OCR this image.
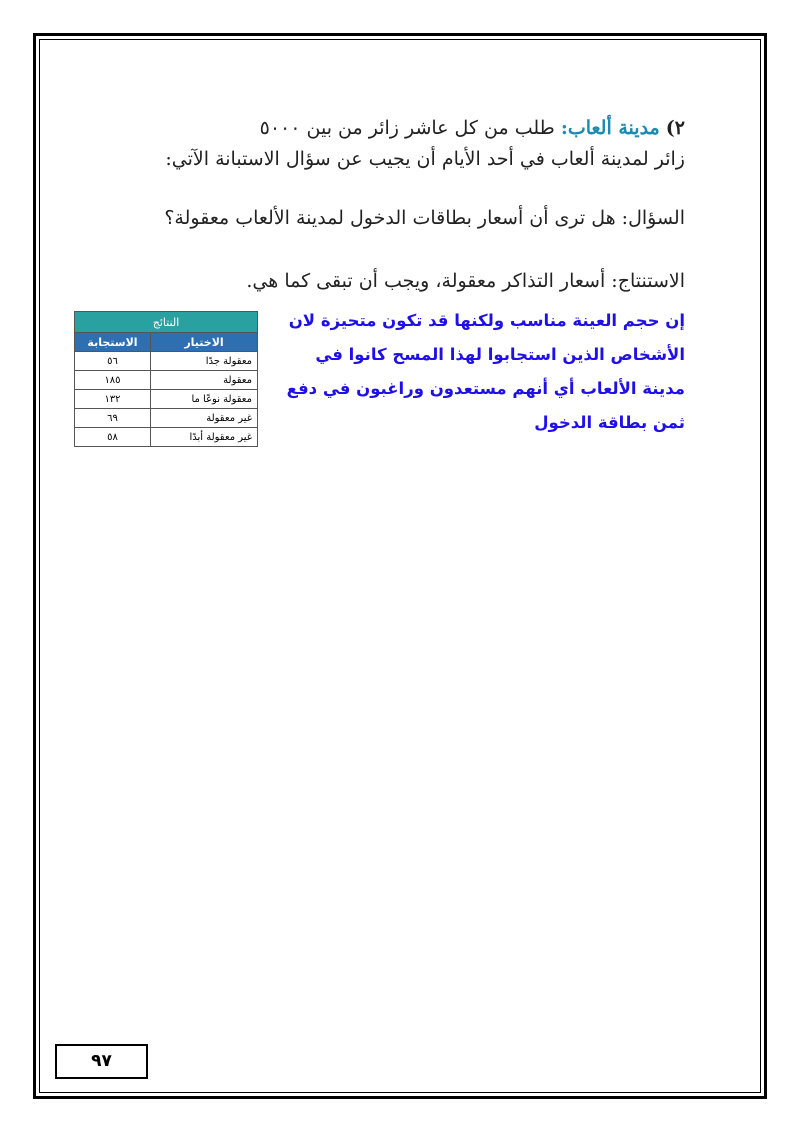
٢) مدينة ألعاب: طلب من كل عاشر زائر من بين ٥٠٠٠
زائر لمدينة ألعاب في أحد الأيام أن يجيب عن سؤال الاستبانة الآتي:
السؤال: هل ترى أن أسعار بطاقات الدخول لمدينة الألعاب معقولة؟
الاستنتاج: أسعار التذاكر معقولة، ويجب أن تبقى كما هي.
إن حجم العينة مناسب ولكنها قد تكون متحيزة لان
الأشخاص الذين استجابوا لهذا المسح كانوا في
مدينة الألعاب أي أنهم مستعدون وراغبون في دفع
ثمن بطاقة الدخول
النتائج	
الاختيار	الاستجابة
معقولة جدًا	٥٦
معقولة	١٨٥
معقولة نوعًا ما	١٣٢
غير معقولة	٦٩
غير معقولة أبدًا	٥٨
٩٧
